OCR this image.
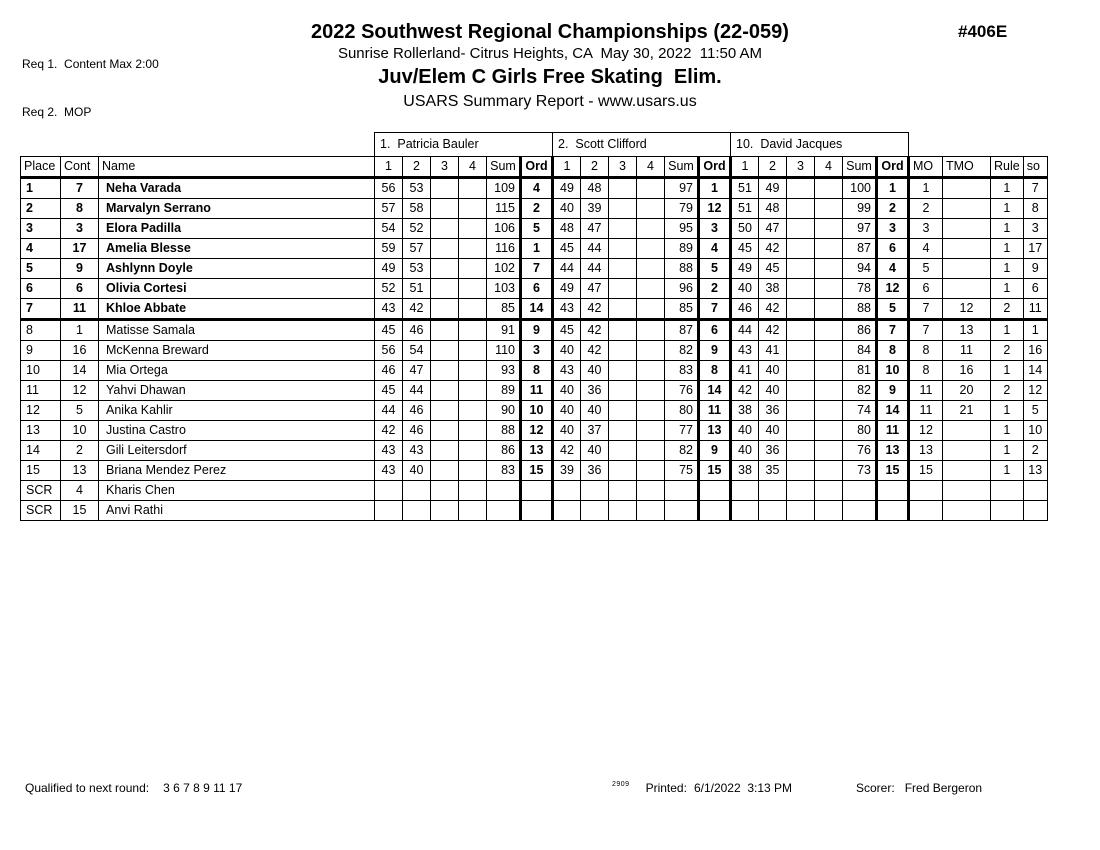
Req 1.  Content Max 2:00

Req 2.  MOP

#406E
2022 Southwest Regional Championships (22-059)
Sunrise Rollerland- Citrus Heights, CA  May 30, 2022  11:50 AM
Juv/Elem C Girls Free Skating  Elim.
USARS Summary Report - www.usars.us
			1.  Patricia Bauler						2.  Scott Clifford						10.  David Jacques									
Place	Cont	Name	1	2	3	4	Sum	Ord	1	2	3	4	Sum	Ord	1	2	3	4	Sum	Ord	MO	TMO	Rule	so
1	7	Neha Varada	56	53			109	4	49	48			97	1	51	49			100	1	1		1	7
2	8	Marvalyn Serrano	57	58			115	2	40	39			79	12	51	48			99	2	2		1	8
3	3	Elora Padilla	54	52			106	5	48	47			95	3	50	47			97	3	3		1	3
4	17	Amelia Blesse	59	57			116	1	45	44			89	4	45	42			87	6	4		1	17
5	9	Ashlynn Doyle	49	53			102	7	44	44			88	5	49	45			94	4	5		1	9
6	6	Olivia Cortesi	52	51			103	6	49	47			96	2	40	38			78	12	6		1	6
7	11	Khloe Abbate	43	42			85	14	43	42			85	7	46	42			88	5	7	12	2	11
8	1	Matisse Samala	45	46			91	9	45	42			87	6	44	42			86	7	7	13	1	1
9	16	McKenna Breward	56	54			110	3	40	42			82	9	43	41			84	8	8	11	2	16
10	14	Mia Ortega	46	47			93	8	43	40			83	8	41	40			81	10	8	16	1	14
11	12	Yahvi Dhawan	45	44			89	11	40	36			76	14	42	40			82	9	11	20	2	12
12	5	Anika Kahlir	44	46			90	10	40	40			80	11	38	36			74	14	11	21	1	5
13	10	Justina Castro	42	46			88	12	40	37			77	13	40	40			80	11	12		1	10
14	2	Gili Leitersdorf	43	43			86	13	42	40			82	9	40	36			76	13	13		1	2
15	13	Briana Mendez Perez	43	40			83	15	39	36			75	15	38	35			73	15	15		1	13
SCR	4	Kharis Chen																						
SCR	15	Anvi Rathi																						
Qualified to next round: 3 6 7 8 9 11 17	$^{2909}$ Printed: 6/1/2022  3:13 PM	Scorer: Fred Bergeron
